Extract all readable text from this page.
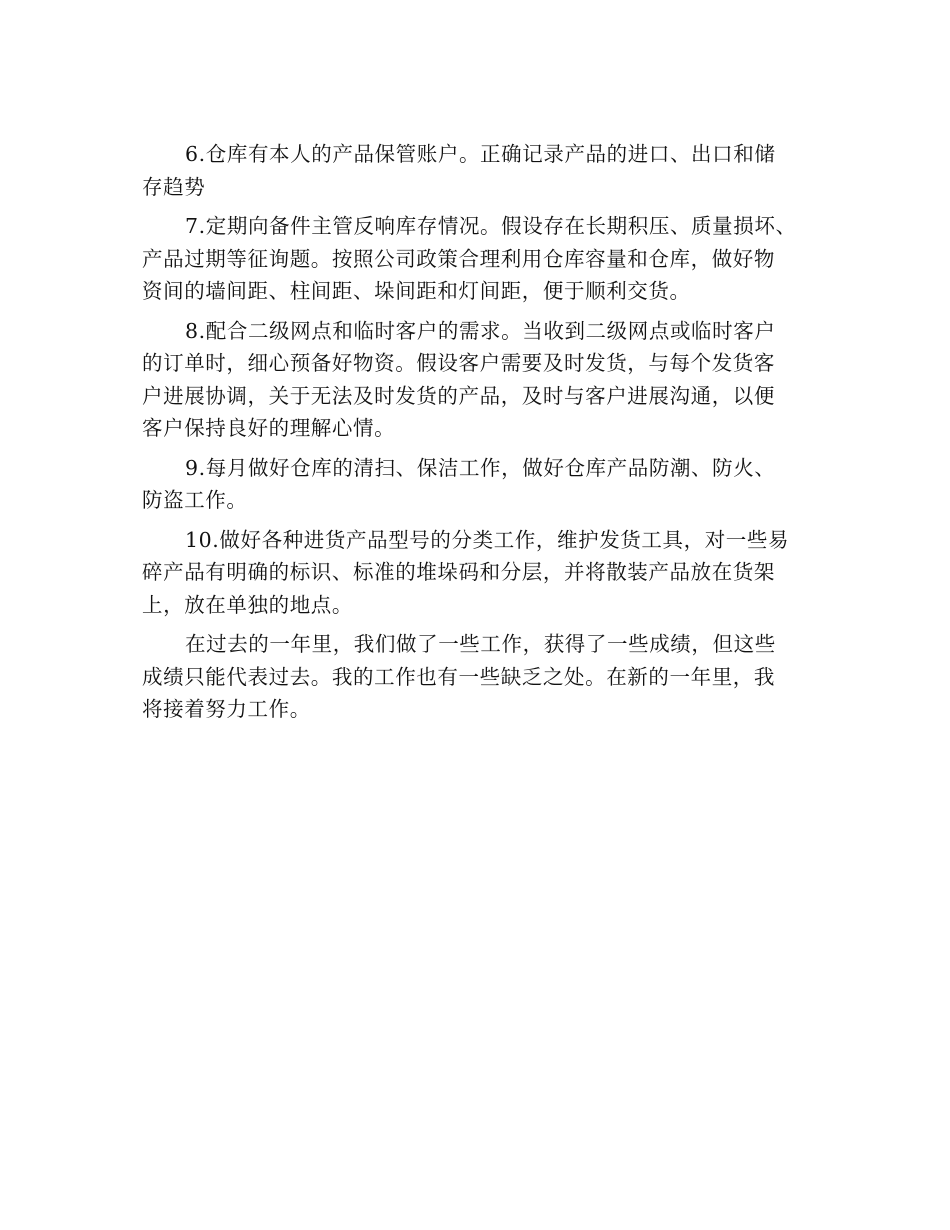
6.仓库有本人的产品保管账户。正确记录产品的进口、出口和储
存趋势
7.定期向备件主管反响库存情况。假设存在长期积压、质量损坏、
产品过期等征询题。按照公司政策合理利用仓库容量和仓库，做好物
资间的墙间距、柱间距、垛间距和灯间距，便于顺利交货。
8.配合二级网点和临时客户的需求。当收到二级网点或临时客户
的订单时，细心预备好物资。假设客户需要及时发货，与每个发货客
户进展协调，关于无法及时发货的产品，及时与客户进展沟通，以便
客户保持良好的理解心情。
9.每月做好仓库的清扫、保洁工作，做好仓库产品防潮、防火、
防盗工作。
10.做好各种进货产品型号的分类工作，维护发货工具，对一些易
碎产品有明确的标识、标准的堆垛码和分层，并将散装产品放在货架
上，放在单独的地点。
在过去的一年里，我们做了一些工作，获得了一些成绩，但这些
成绩只能代表过去。我的工作也有一些缺乏之处。在新的一年里，我
将接着努力工作。
